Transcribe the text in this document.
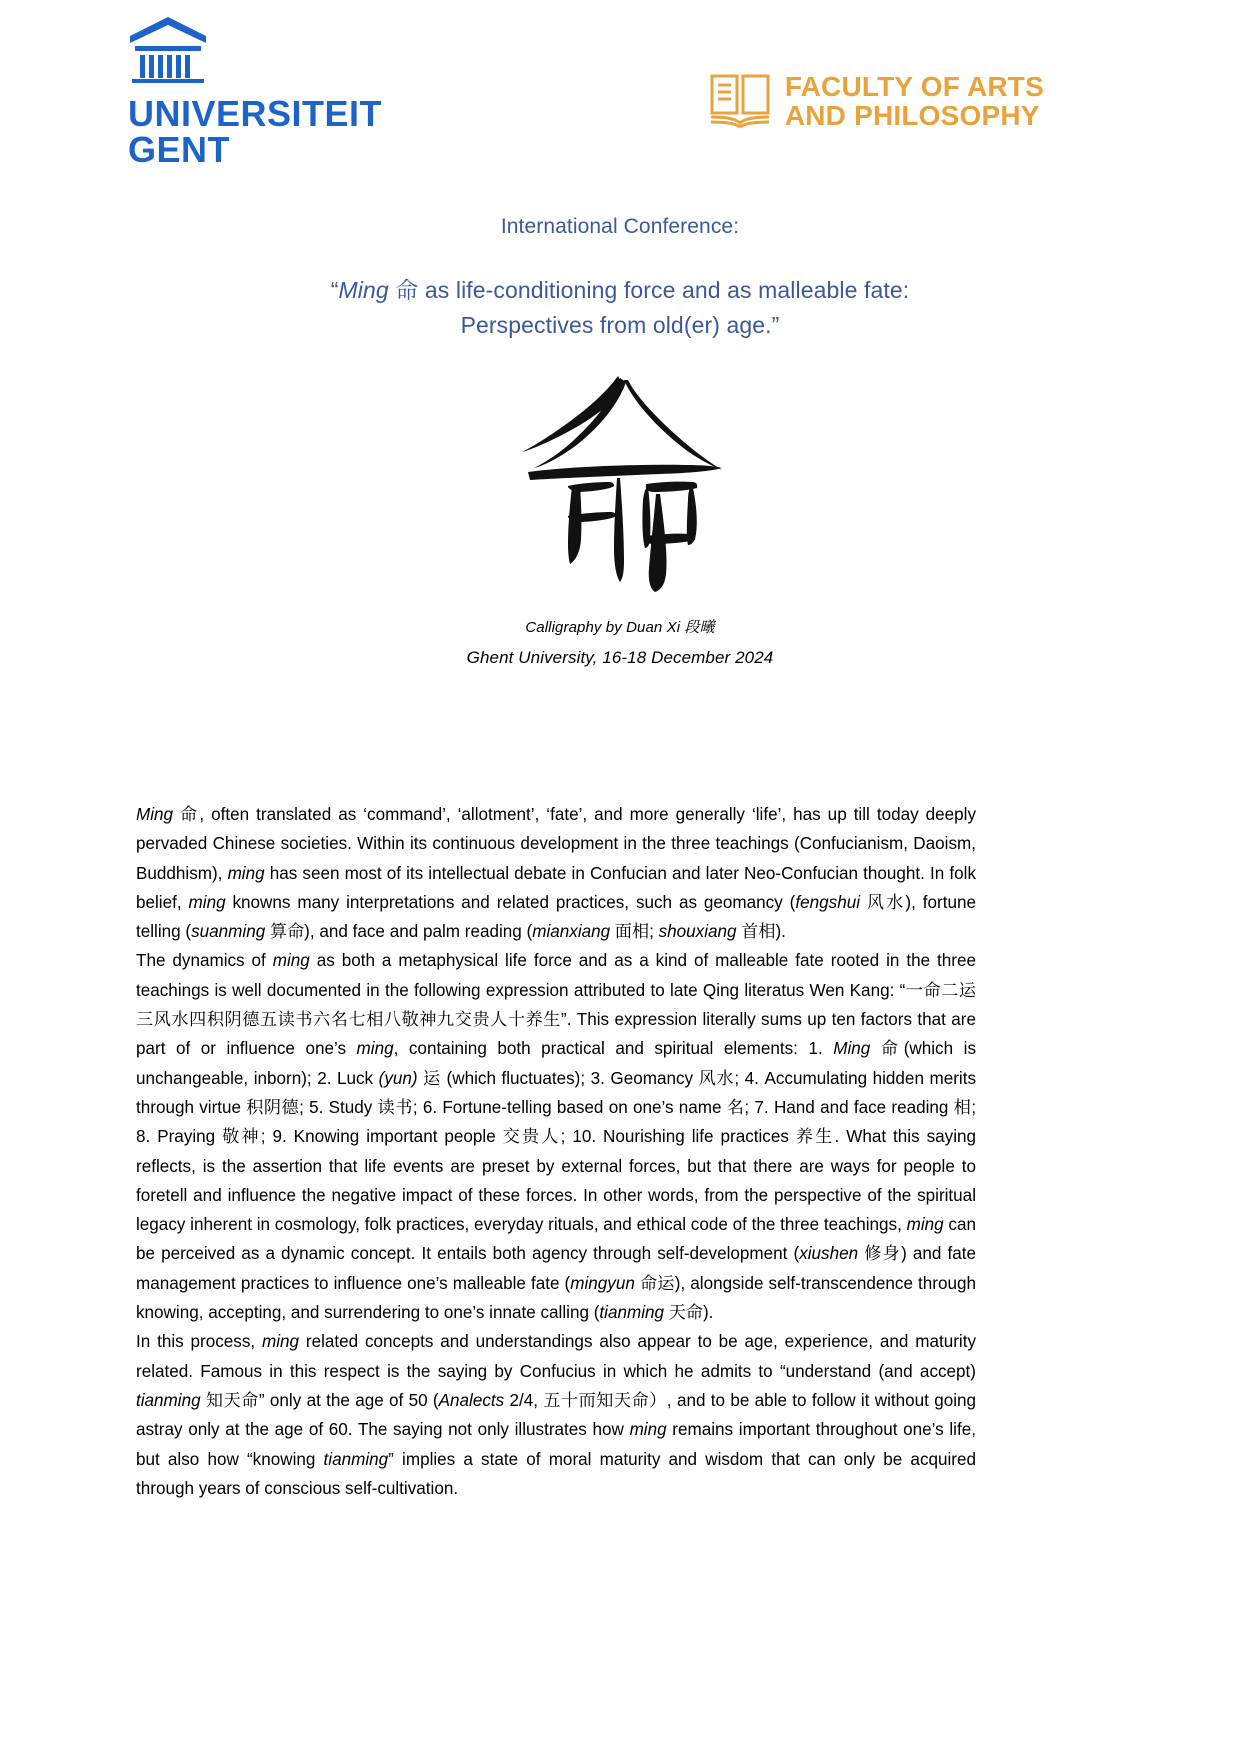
UNIVERSITEIT
GENT
FACULTY OF ARTS
AND PHILOSOPHY
International Conference:
“Ming 命 as life-conditioning force and as malleable fate:
Perspectives from old(er) age.”
Calligraphy by Duan Xi 段曦
Ghent University, 16-18 December 2024

Ming 命, often translated as ‘command’, ‘allotment’, ‘fate’, and more generally ‘life’, has up till today deeply pervaded Chinese societies. Within its continuous development in the three teachings (Confucianism, Daoism, Buddhism), ming has seen most of its intellectual debate in Confucian and later Neo-Confucian thought. In folk belief, ming knowns many interpretations and related practices, such as geomancy (fengshui 风水), fortune telling (suanming 算命), and face and palm reading (mianxiang 面相; shouxiang 首相).

The dynamics of ming as both a metaphysical life force and as a kind of malleable fate rooted in the three teachings is well documented in the following expression attributed to late Qing literatus Wen Kang: “一命二运三风水四积阴德五读书六名七相八敬神九交贵人十养生”. This expression literally sums up ten factors that are part of or influence one’s ming, containing both practical and spiritual elements: 1. Ming 命(which is unchangeable, inborn); 2. Luck (yun) 运 (which fluctuates); 3. Geomancy 风水; 4. Accumulating hidden merits through virtue 积阴德; 5. Study 读书; 6. Fortune-telling based on one’s name 名; 7. Hand and face reading 相; 8. Praying 敬神; 9. Knowing important people 交贵人; 10. Nourishing life practices 养生. What this saying reflects, is the assertion that life events are preset by external forces, but that there are ways for people to foretell and influence the negative impact of these forces. In other words, from the perspective of the spiritual legacy inherent in cosmology, folk practices, everyday rituals, and ethical code of the three teachings, ming can be perceived as a dynamic concept. It entails both agency through self-development (xiushen 修身) and fate management practices to influence one’s malleable fate (mingyun 命运), alongside self-transcendence through knowing, accepting, and surrendering to one’s innate calling (tianming 天命).

In this process, ming related concepts and understandings also appear to be age, experience, and maturity related. Famous in this respect is the saying by Confucius in which he admits to “understand (and accept) tianming 知天命” only at the age of 50 (Analects 2/4, 五十而知天命）, and to be able to follow it without going astray only at the age of 60. The saying not only illustrates how ming remains important throughout one’s life, but also how “knowing tianming” implies a state of moral maturity and wisdom that can only be acquired through years of conscious self-cultivation.
